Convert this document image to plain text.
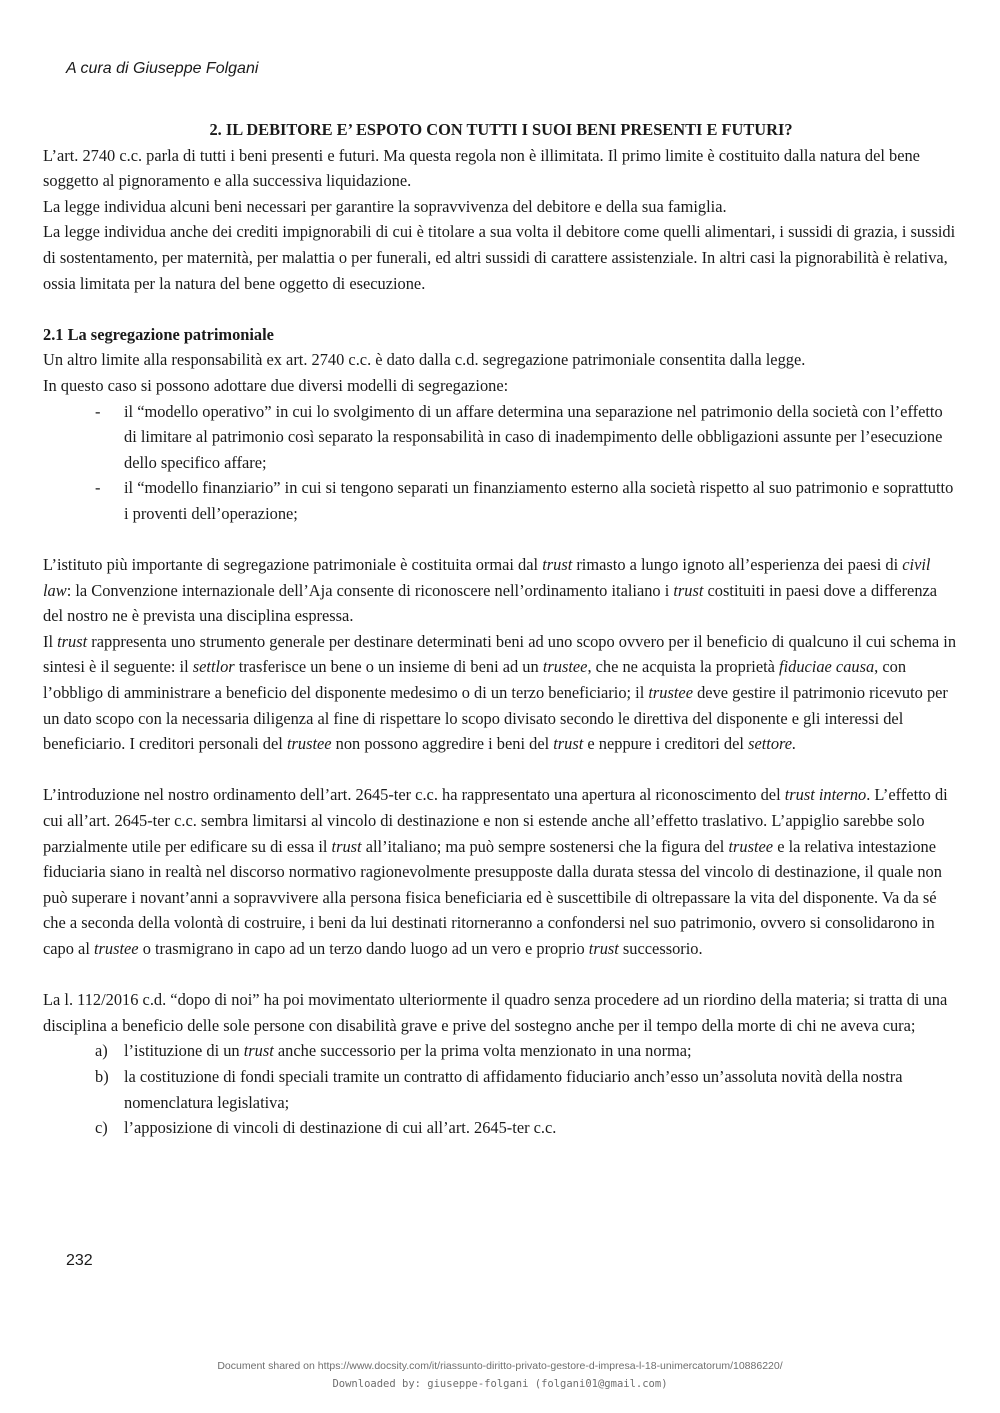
A cura di Giuseppe Folgani

2. IL DEBITORE E’ ESPOTO CON TUTTI I SUOI BENI PRESENTI E FUTURI?

L’art. 2740 c.c. parla di tutti i beni presenti e futuri. Ma questa regola non è illimitata. Il primo limite è costituito dalla natura del bene soggetto al pignoramento e alla successiva liquidazione.

La legge individua alcuni beni necessari per garantire la sopravvivenza del debitore e della sua famiglia.

La legge individua anche dei crediti impignorabili di cui è titolare a sua volta il debitore come quelli alimentari, i sussidi di grazia, i sussidi di sostentamento, per maternità, per malattia o per funerali, ed altri sussidi di carattere assistenziale. In altri casi la pignorabilità è relativa, ossia limitata per la natura del bene oggetto di esecuzione.

2.1 La segregazione patrimoniale

Un altro limite alla responsabilità ex art. 2740 c.c. è dato dalla c.d. segregazione patrimoniale consentita dalla legge.

In questo caso si possono adottare due diversi modelli di segregazione:

- il “modello operativo” in cui lo svolgimento di un affare determina una separazione nel patrimonio della società con l’effetto di limitare al patrimonio così separato la responsabilità in caso di inadempimento delle obbligazioni assunte per l’esecuzione dello specifico affare;
- il “modello finanziario” in cui si tengono separati un finanziamento esterno alla società rispetto al suo patrimonio e soprattutto i proventi dell’operazione;

L’istituto più importante di segregazione patrimoniale è costituita ormai dal trust rimasto a lungo ignoto all’esperienza dei paesi di civil law: la Convenzione internazionale dell’Aja consente di riconoscere nell’ordinamento italiano i trust costituiti in paesi dove a differenza del nostro ne è prevista una disciplina espressa.

Il trust rappresenta uno strumento generale per destinare determinati beni ad uno scopo ovvero per il beneficio di qualcuno il cui schema in sintesi è il seguente: il settlor trasferisce un bene o un insieme di beni ad un trustee, che ne acquista la proprietà fiduciae causa, con l’obbligo di amministrare a beneficio del disponente medesimo o di un terzo beneficiario; il trustee deve gestire il patrimonio ricevuto per un dato scopo con la necessaria diligenza al fine di rispettare lo scopo divisato secondo le direttiva del disponente e gli interessi del beneficiario. I creditori personali del trustee non possono aggredire i beni del trust e neppure i creditori del settore.

L’introduzione nel nostro ordinamento dell’art. 2645-ter c.c. ha rappresentato una apertura al riconoscimento del trust interno. L’effetto di cui all’art. 2645-ter c.c. sembra limitarsi al vincolo di destinazione e non si estende anche all’effetto traslativo. L’appiglio sarebbe solo parzialmente utile per edificare su di essa il trust all’italiano; ma può sempre sostenersi che la figura del trustee e la relativa intestazione fiduciaria siano in realtà nel discorso normativo ragionevolmente presupposte dalla durata stessa del vincolo di destinazione, il quale non può superare i novant’anni a sopravvivere alla persona fisica beneficiaria ed è suscettibile di oltrepassare la vita del disponente. Va da sé che a seconda della volontà di costruire, i beni da lui destinati ritorneranno a confondersi nel suo patrimonio, ovvero si consolidarono in capo al trustee o trasmigrano in capo ad un terzo dando luogo ad un vero e proprio trust successorio.

La l. 112/2016 c.d. “dopo di noi” ha poi movimentato ulteriormente il quadro senza procedere ad un riordino della materia; si tratta di una disciplina a beneficio delle sole persone con disabilità grave e prive del sostegno anche per il tempo della morte di chi ne aveva cura;

a) l’istituzione di un trust anche successorio per la prima volta menzionato in una norma;
b) la costituzione di fondi speciali tramite un contratto di affidamento fiduciario anch’esso un’assoluta novità della nostra nomenclatura legislativa;
c) l’apposizione di vincoli di destinazione di cui all’art. 2645-ter c.c.
232
Document shared on https://www.docsity.com/it/riassunto-diritto-privato-gestore-d-impresa-l-18-unimercatorum/10886220/
Downloaded by: giuseppe-folgani (folgani01@gmail.com)
